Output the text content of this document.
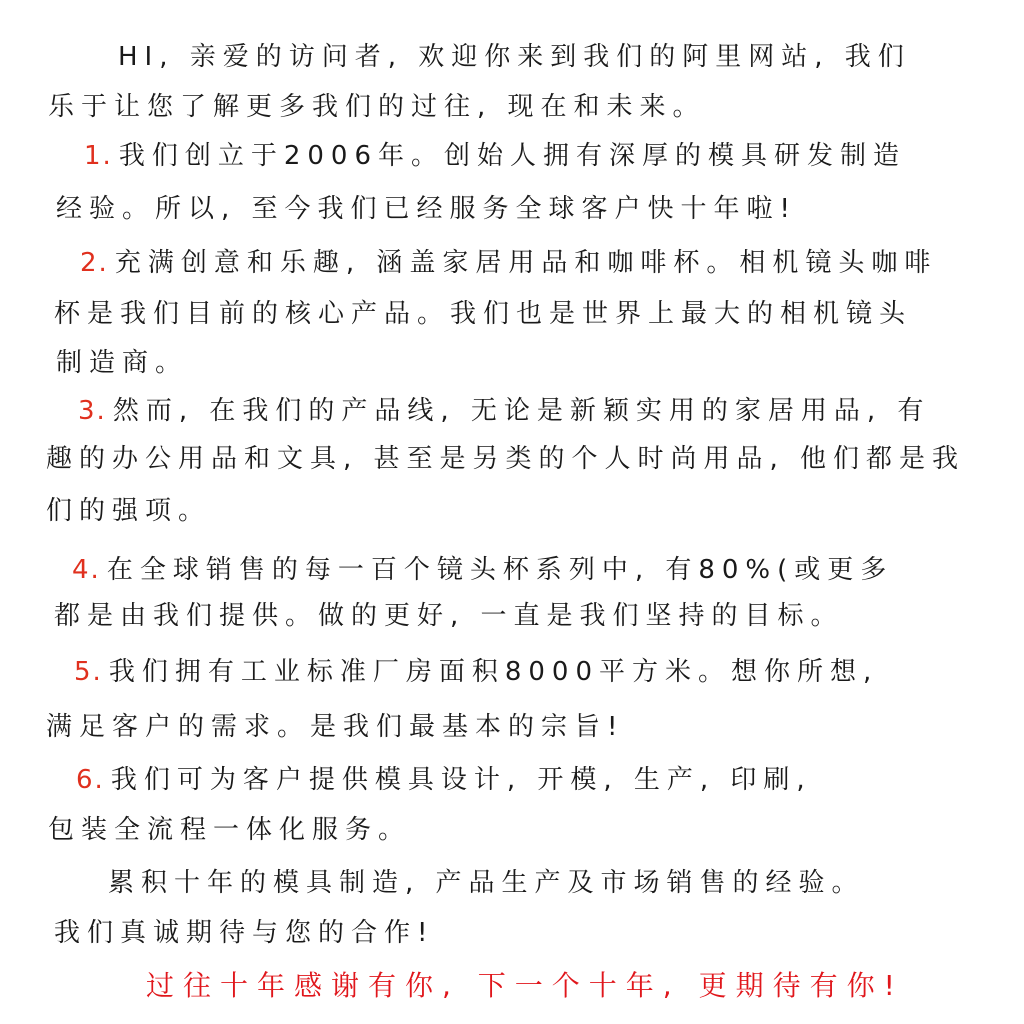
HI, 亲爱的访问者, 欢迎你来到我们的阿里网站, 我们
乐于让您了解更多我们的过往, 现在和未来。
1. 我们创立于2006年。创始人拥有深厚的模具研发制造
经验。所以, 至今我们已经服务全球客户快十年啦!
2. 充满创意和乐趣, 涵盖家居用品和咖啡杯。相机镜头咖啡
杯是我们目前的核心产品。我们也是世界上最大的相机镜头
制造商。
3. 然而, 在我们的产品线, 无论是新颖实用的家居用品, 有
趣的办公用品和文具, 甚至是另类的个人时尚用品, 他们都是我
们的强项。
4. 在全球销售的每一百个镜头杯系列中, 有80%(或更多
都是由我们提供。做的更好, 一直是我们坚持的目标。
5. 我们拥有工业标准厂房面积8000平方米。想你所想,
满足客户的需求。是我们最基本的宗旨!
6. 我们可为客户提供模具设计, 开模, 生产, 印刷,
包装全流程一体化服务。
累积十年的模具制造, 产品生产及市场销售的经验。
我们真诚期待与您的合作!
过往十年感谢有你, 下一个十年, 更期待有你!
